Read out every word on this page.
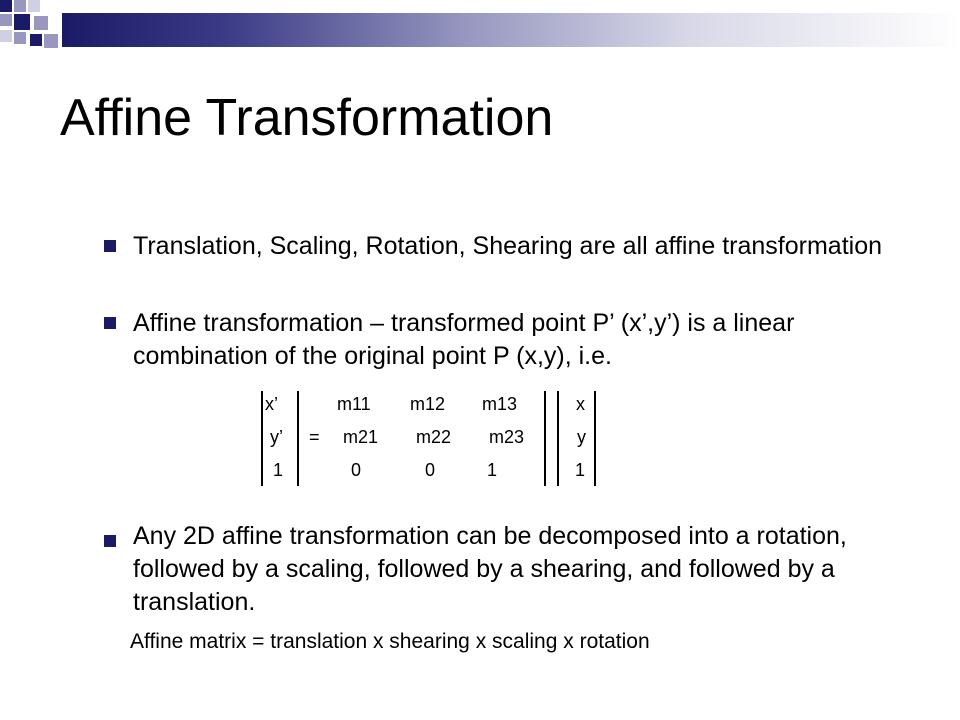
Affine Transformation

Translation, Scaling, Rotation, Shearing are all affine transformation

Affine transformation – transformed point P’ (x’,y’) is a linear combination of the original point P (x,y), i.e.

x’
y’
1
=
m11 m12 m13
m21 m22 m23
0	0	1
x
y
1

Any 2D affine transformation can be decomposed into a rotation, followed by a scaling, followed by a shearing, and followed by a translation.

Affine matrix = translation x shearing x scaling x rotation
